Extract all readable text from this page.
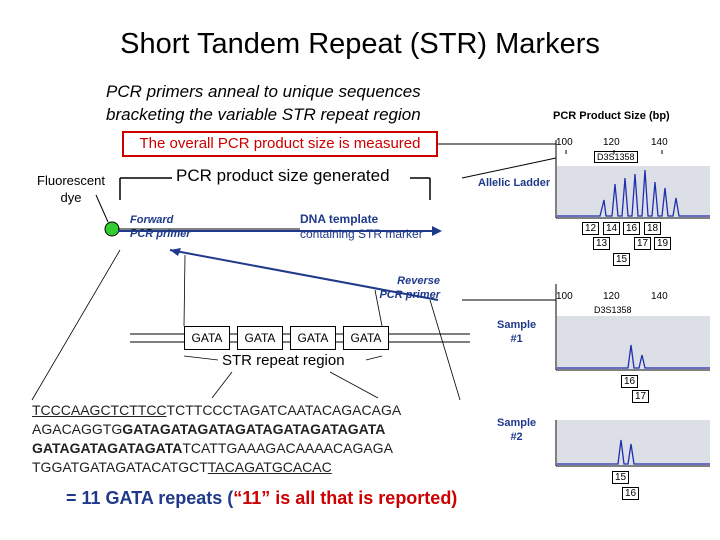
Short Tandem Repeat (STR) Markers
PCR primers anneal to unique sequences
bracketing the variable STR repeat region
The overall PCR product size is measured
PCR product size generated
Fluorescent
dye
Forward
PCR primer
DNA template
containing STR marker
Reverse
PCR primer
GATA	GATA	GATA	GATA
STR repeat region
TCCCAAGCTCTTCCTCTTCCCTAGATCAATACAGACAGA
AGACAGGTGGATAGATAGATAGATAGATAGATAGATA
GATAGATAGATAGATATCATTGAAAGACAAAACAGAGA
TGGATGATAGATACATGCTTACAGATGCACAC
= 11 GATA repeats (“11” is all that is reported)
PCR Product Size (bp)
100	120	140
D3S1358
Allelic Ladder
12 14 16 18
13	17 19
15
100	120	140
D3S1358
Sample
#1
16
17
Sample
#2
15
16
